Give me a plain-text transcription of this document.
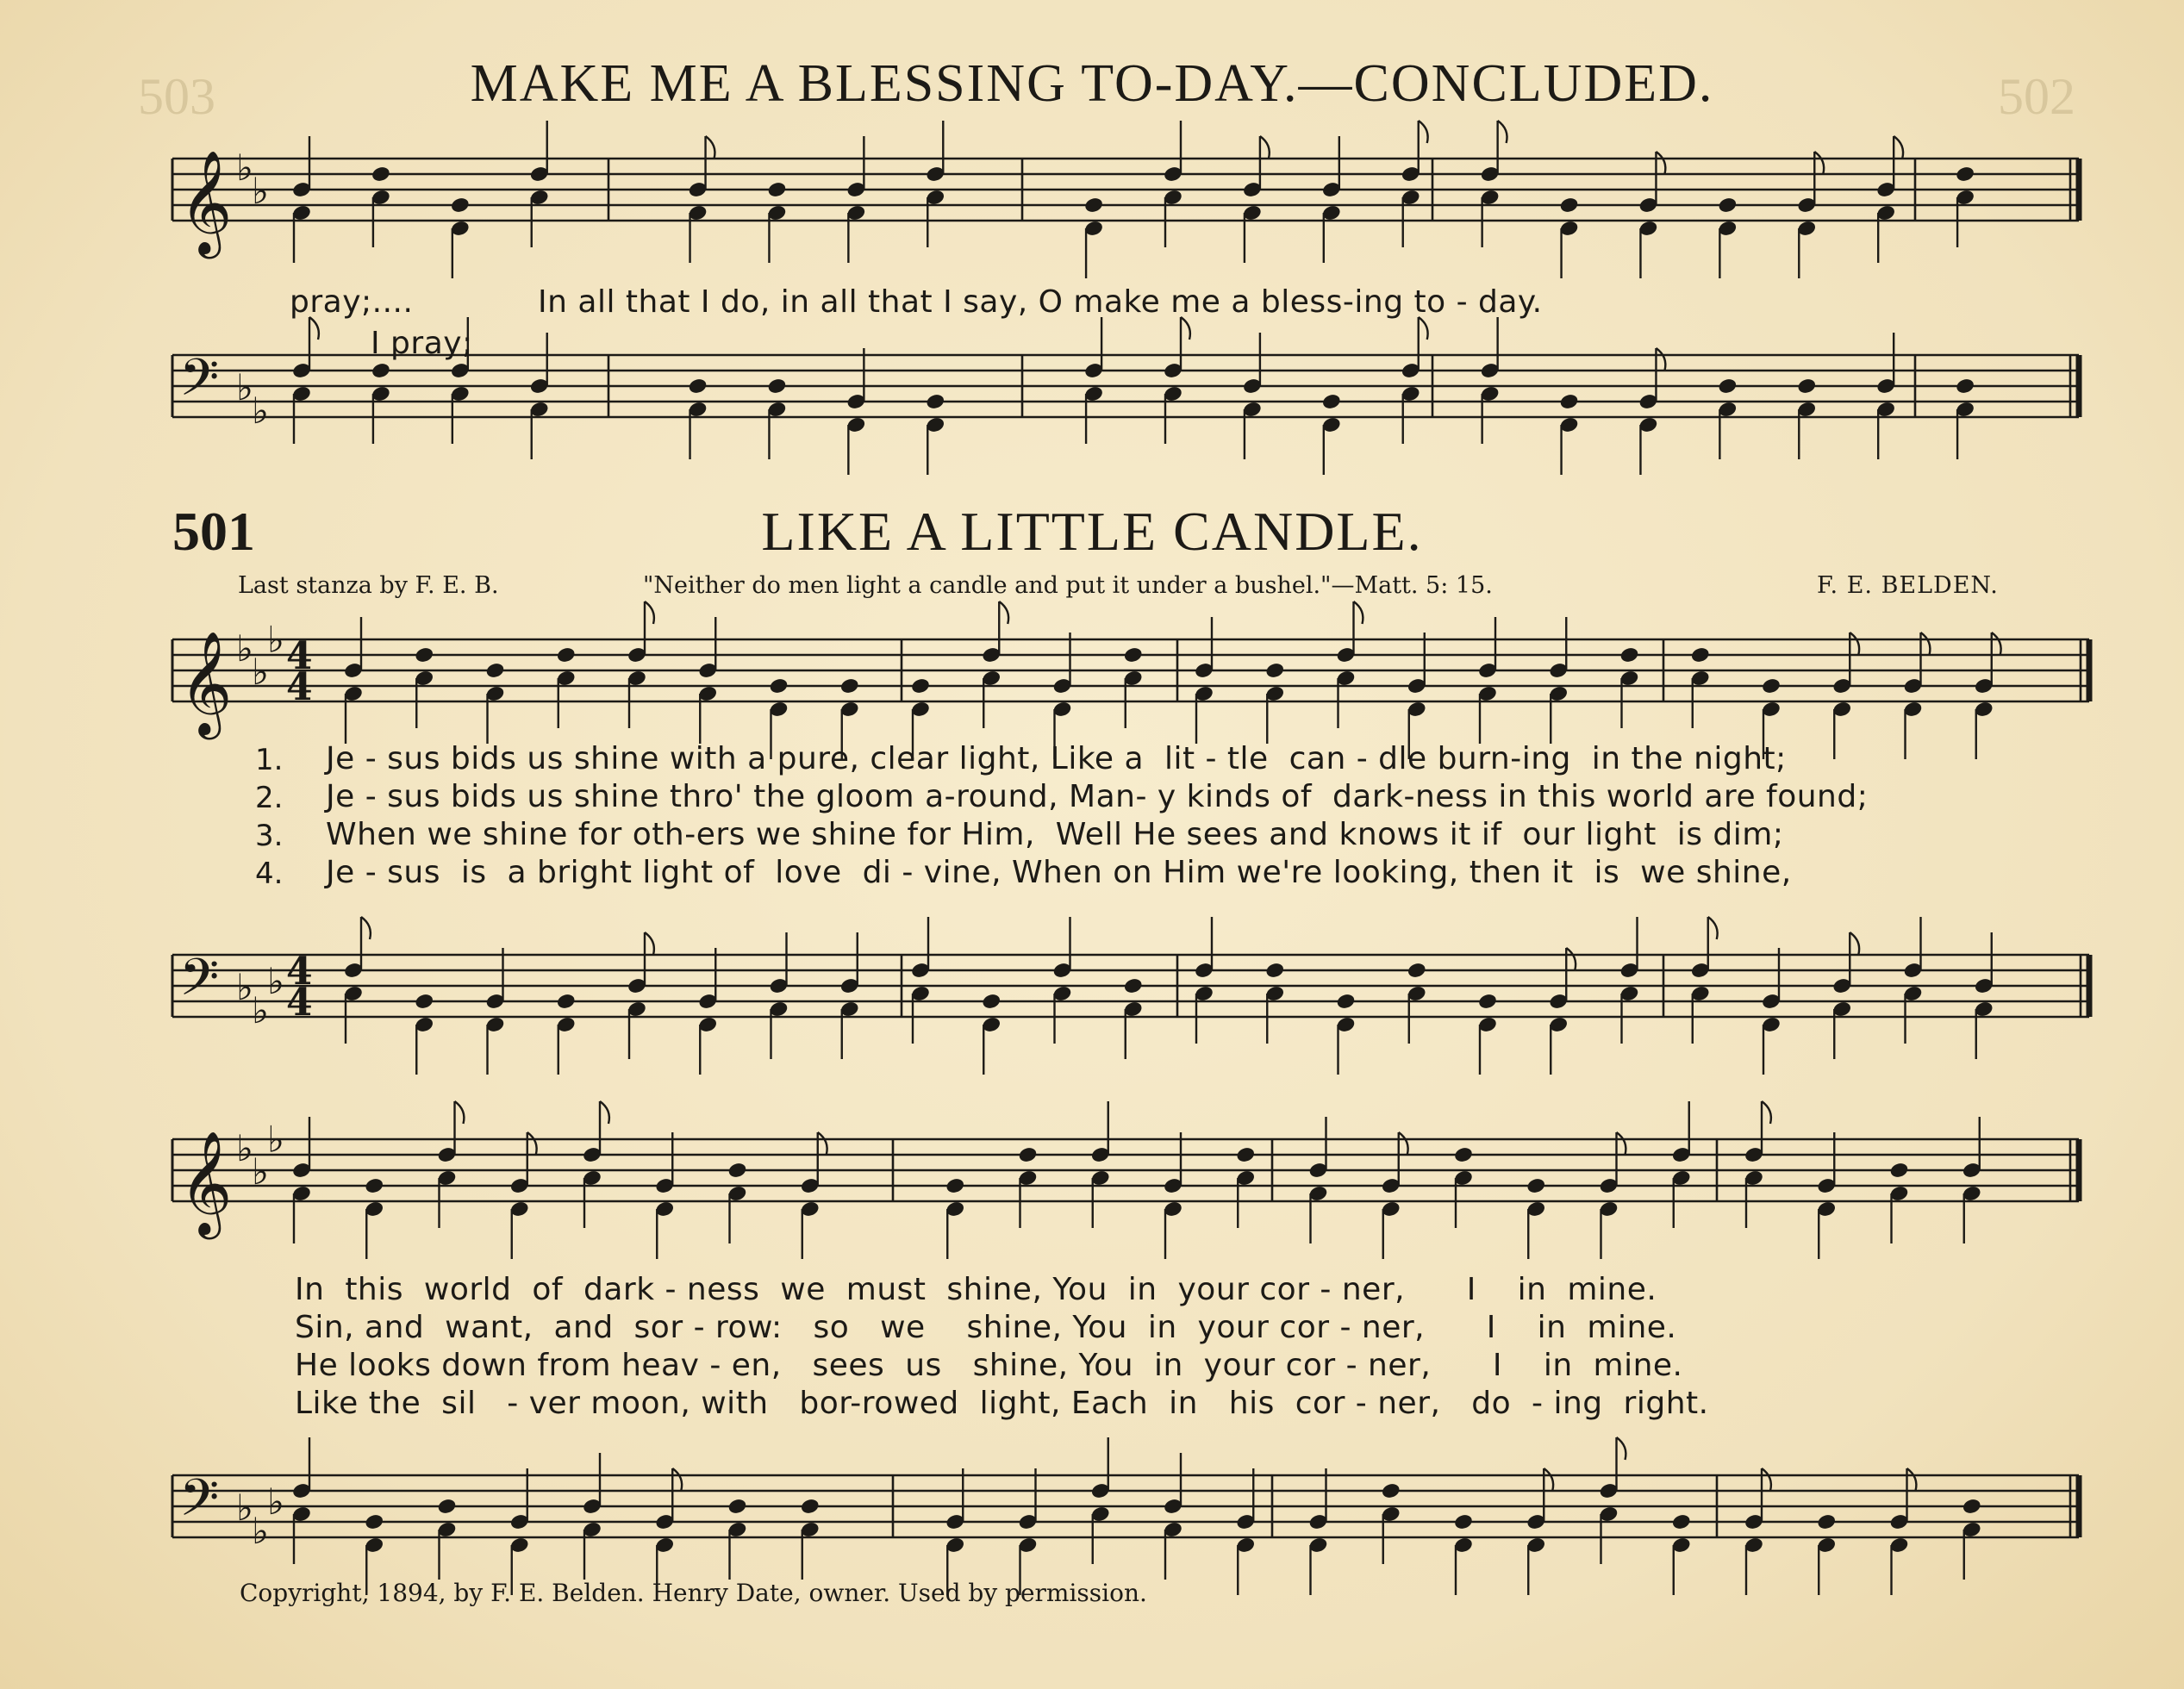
503	502
MAKE ME A BLESSING TO-DAY.—CONCLUDED.
𝄞 ♭
♭
𝄢 ♭
♭
𝄞 ♭
♭
♭ 4
4
𝄢 ♭
♭
♭ 4
4
𝄞 ♭
♭
♭
𝄢 ♭
♭
♭
pray;....	In all that I do, in all that I say, O make me a bless-ing to - day.
I pray;
501	LIKE A LITTLE CANDLE.
Last stanza by F. E. B.	"Neither do men light a candle and put it under a bushel."—Matt. 5: 15.	F. E. BELDEN.
1.
2.
3.
4.
Je - sus bids us shine with a pure, clear light, Like a  lit - tle  can - dle burn-ing  in the night;
Je - sus bids us shine thro' the gloom a-round, Man- y kinds of  dark-ness in this world are found;
When we shine for oth-ers we shine for Him,  Well He sees and knows it if  our light  is dim;
Je - sus  is  a bright light of  love  di - vine, When on Him we're looking, then it  is  we shine,
In  this  world  of  dark - ness  we  must  shine, You  in  your cor - ner,      I    in  mine.
Sin, and  want,  and  sor - row:   so   we    shine, You  in  your cor - ner,      I    in  mine.
He looks down from heav - en,   sees  us   shine, You  in  your cor - ner,      I    in  mine.
Like the  sil   - ver moon, with   bor-rowed  light, Each  in   his  cor - ner,   do  - ing  right.
Copyright, 1894, by F. E. Belden. Henry Date, owner. Used by permission.
